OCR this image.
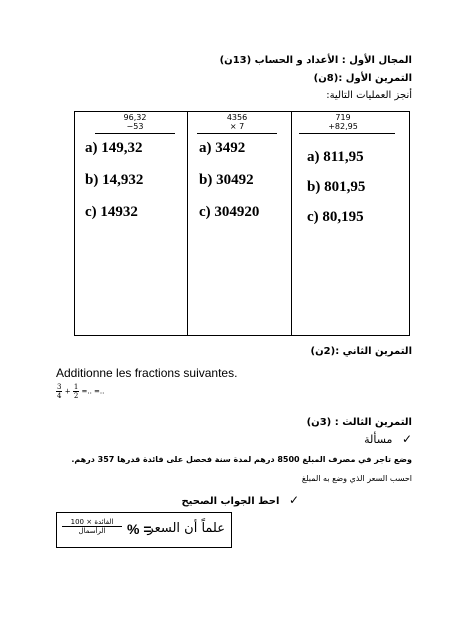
المجال الأول : الأعداد و الحساب (13ن)
التمرين الأول :(8ن)
أنجز العمليات التالية:
96,32
−53
a) 149,32
b) 14,932
c) 14932
4356
× 7
a) 3492
b) 30492
c) 304920
719
+82,95
a) 811,95
b) 801,95
c) 80,195
التمرين الثاني :(2ن)
Additionne les fractions suivantes.
$\frac{3}{4} + \frac{1}{2}$ =.. =..
التمرين الثالث : (3ن)
✓ مسألة
وضع تاجر في مصرف المبلغ 8500 درهم لمدة سنة فحصل على فائدة قدرها 357 درهم.
احسب السعر الذي وضع به المبلغ
✓ احط الجواب الصحيح
الفائدة × 100
الرأسمال	% =
علماً أن السعر
